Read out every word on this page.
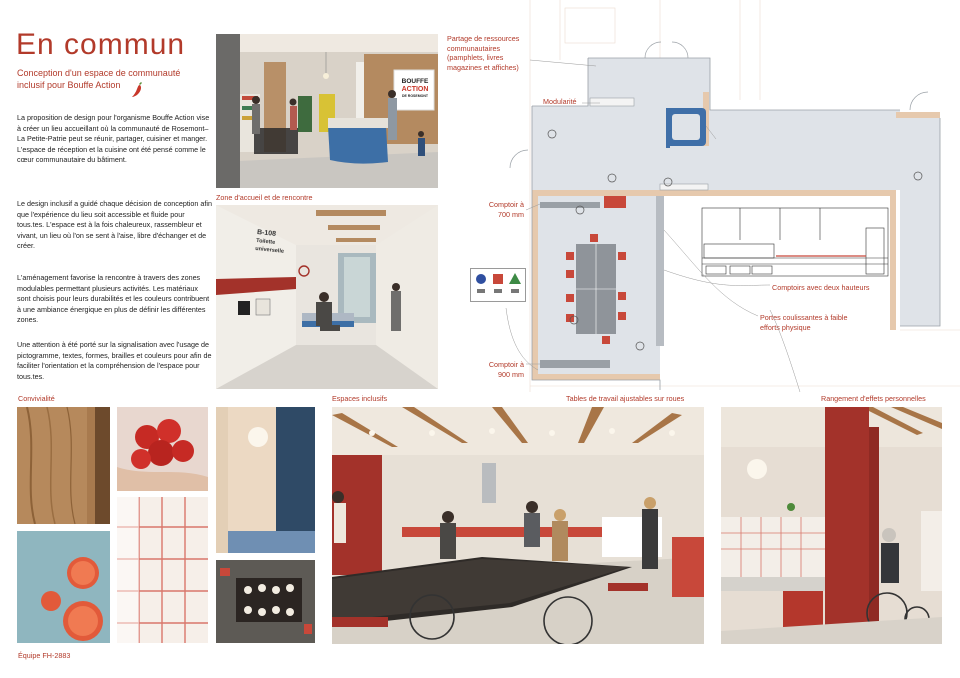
En commun
Conception d'un espace de communauté inclusif pour Bouffe Action
La proposition de design pour l'organisme Bouffe Action vise à créer un lieu accueillant où la communauté de Rosemont–La Petite-Patrie peut se réunir, partager, cuisiner et manger. L'espace de réception et la cuisine ont été pensé comme le cœur communautaire du bâtiment.
Le design inclusif a guidé chaque décision de conception afin que l'expérience du lieu soit accessible et fluide pour tous.tes. L'espace est à la fois chaleureux, rassembleur et vivant, un lieu où l'on se sent à l'aise, libre d'échanger et de créer.
L'aménagement favorise la rencontre à travers des zones modulables permettant plusieurs activités. Les matériaux sont choisis pour leurs durabilités et les couleurs contribuent à une ambiance énergique en plus de définir les différentes zones.
Une attention à été porté sur la signalisation avec l'usage de pictogramme, textes, formes, brailles et couleurs pour afin de faciliter l'orientation et la compréhension de l'espace pour tous.tes.
BOUFFE
ACTION
DE ROSEMONT
Zone d'accueil et de rencontre
B-108
Toilette universelle
Partage de ressources communautaires (pamphlets, livres magazines et affiches)
Modularité
Comptoir à 700 mm
Comptoirs avec deux hauteurs
Portes coulissantes à faible efforts physique
Comptoir à 900 mm
Convivialité	Espaces inclusifs	Tables de travail ajustables sur roues	Rangement d'effets personnelles
Équipe FH-2883
